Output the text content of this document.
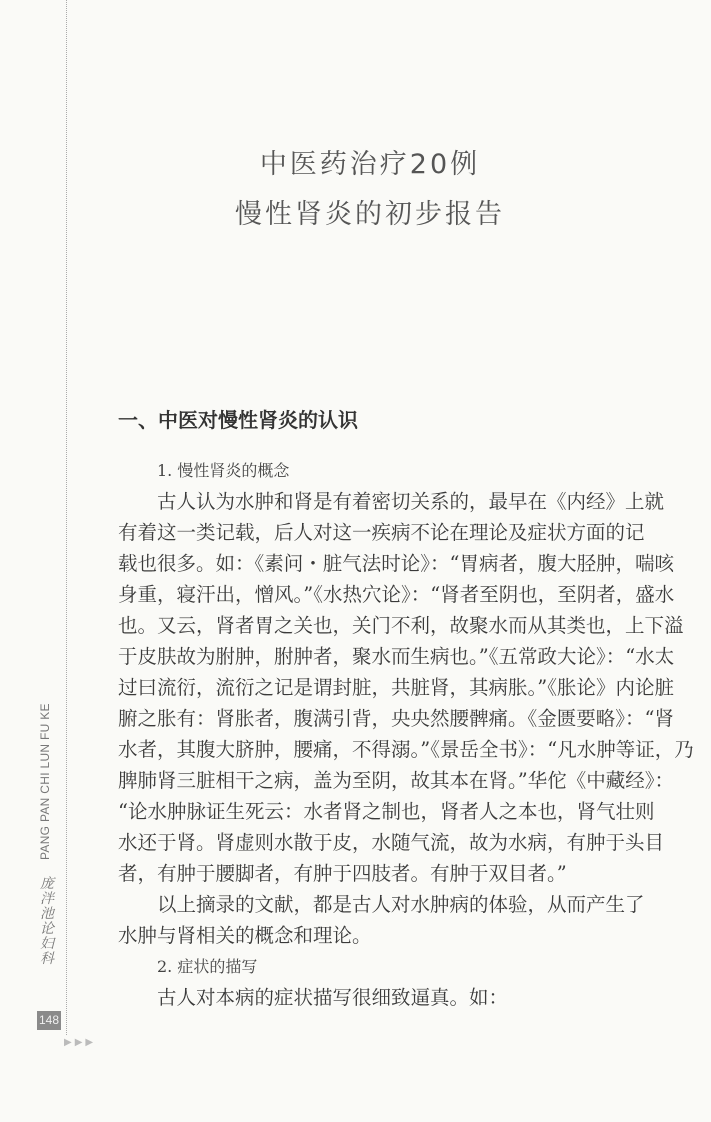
中医药治疗20例
慢性肾炎的初步报告
一、中医对慢性肾炎的认识
1. 慢性肾炎的概念
古人认为水肿和肾是有着密切关系的，最早在《内经》上就
有着这一类记载，后人对这一疾病不论在理论及症状方面的记
载也很多。如：《素问・脏气法时论》：“胃病者，腹大胫肿，喘咳
身重，寝汗出，憎风。”《水热穴论》：“肾者至阴也，至阴者，盛水
也。又云，肾者胃之关也，关门不利，故聚水而从其类也，上下溢
于皮肤故为胕肿，胕肿者，聚水而生病也。”《五常政大论》：“水太
过曰流衍，流衍之记是谓封脏，共脏肾，其病胀。”《胀论》内论脏
腑之胀有：肾胀者，腹满引背，央央然腰髀痛。《金匮要略》：“肾
水者，其腹大脐肿，腰痛，不得溺。”《景岳全书》：“凡水肿等证，乃
脾肺肾三脏相干之病，盖为至阴，故其本在肾。”华佗《中藏经》：
“论水肿脉证生死云：水者肾之制也，肾者人之本也，肾气壮则
水还于肾。肾虚则水散于皮，水随气流，故为水病，有肿于头目
者，有肿于腰脚者，有肿于四肢者。有肿于双目者。”
以上摘录的文献，都是古人对水肿病的体验，从而产生了
水肿与肾相关的概念和理论。
2. 症状的描写
古人对本病的症状描写很细致逼真。如：
PANG PAN CHI LUN FU KE
庞泮池论妇科
148
▶▶▶
